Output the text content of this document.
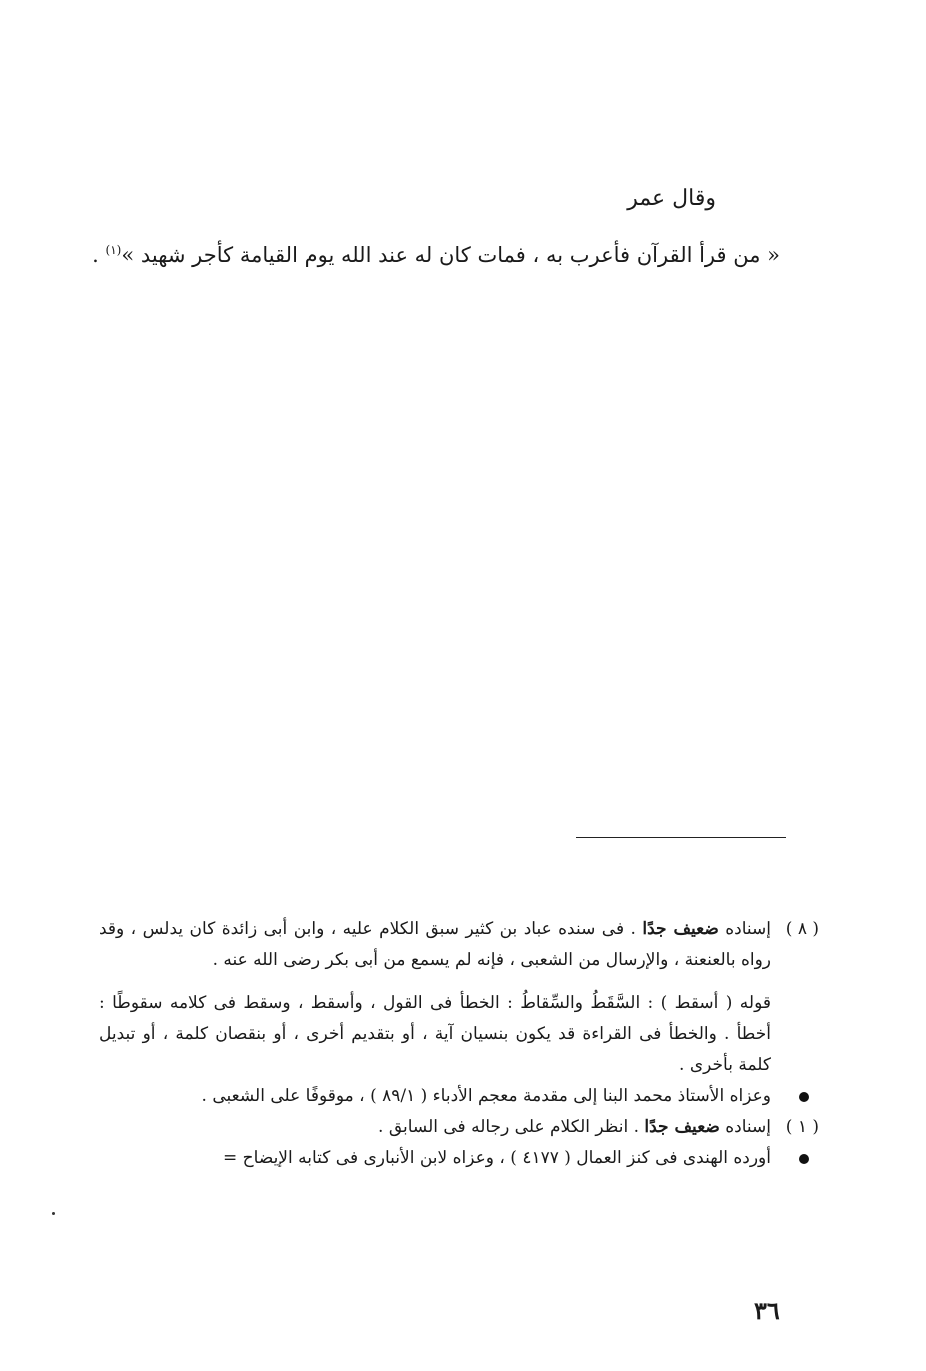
وقال عمر
« من قرأ القرآن فأعرب به ، فمات كان له عند الله يوم القيامة كأجر شهيد »$^{(١)}$ .

( ٨ )
إسناده ضعيف جدًا . فى سنده عباد بن كثير سبق الكلام عليه ، وابن أبى زائدة كان يدلس ، وقد رواه بالعنعنة ، والإرسال من الشعبى ، فإنه لم يسمع من أبى بكر رضى الله عنه .

قوله ( أسقط ) : السَّقَطُ والسِّقاطُ : الخطأ فى القول ، وأسقط ، وسقط فى كلامه سقوطًا : أخطأ . والخطأ فى القراءة قد يكون بنسيان آية ، أو بتقديم أخرى ، أو بنقصان كلمة ، أو تبديل كلمة بأخرى .

وعزاه الأستاذ محمد البنا إلى مقدمة معجم الأدباء ( ٨٩/١ ) ، موقوفًا على الشعبى .

( ١ )
إسناده ضعيف جدًا . انظر الكلام على رجاله فى السابق .

أورده الهندى فى كنز العمال ( ٤١٧٧ ) ، وعزاه لابن الأنبارى فى كتابه الإيضاح =

٣٦
